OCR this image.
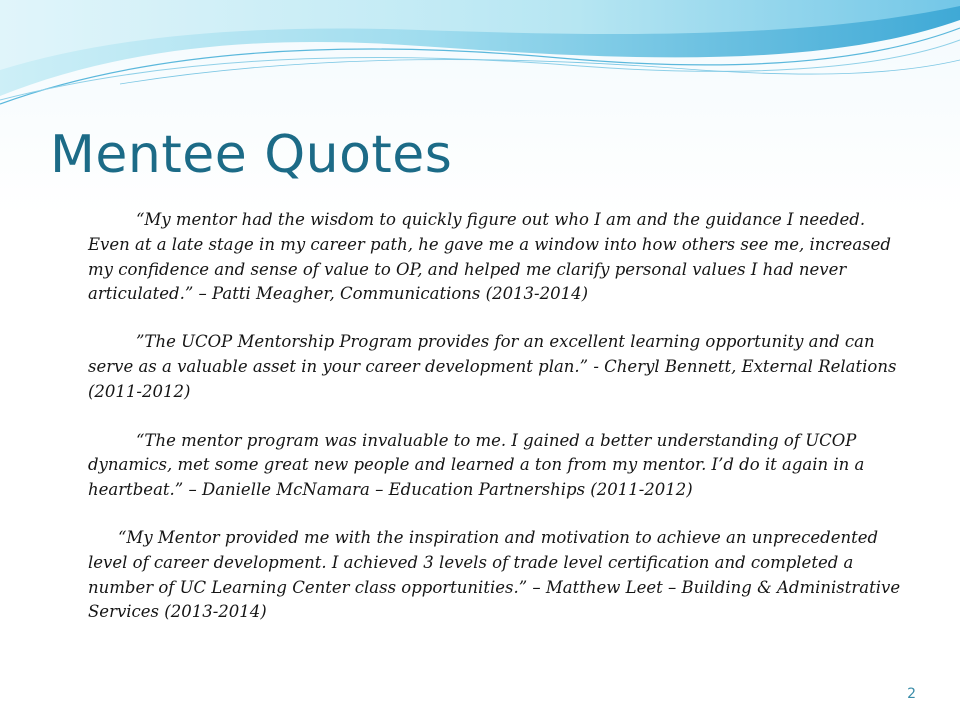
Mentee Quotes

“My mentor had the wisdom to quickly figure out who I am and the guidance I needed. Even at a late stage in my career path, he gave me a window into how others see me, increased my confidence and sense of value to OP, and helped me clarify personal values I had never articulated.” – Patti Meagher, Communications (2013-2014)

”The UCOP Mentorship Program provides for an excellent learning opportunity and can serve as a valuable asset in your career development plan.” - Cheryl Bennett, External Relations (2011-2012)

“The mentor program was invaluable to me. I gained a better understanding of UCOP dynamics, met some great new people and learned a ton from my mentor. I’d do it again in a heartbeat.” – Danielle McNamara – Education Partnerships (2011-2012)

“My Mentor provided me with the inspiration and motivation to achieve an unprecedented level of career development. I achieved 3 levels of trade level certification and completed a number of UC Learning Center class opportunities.” – Matthew Leet – Building & Administrative Services (2013-2014)

2
